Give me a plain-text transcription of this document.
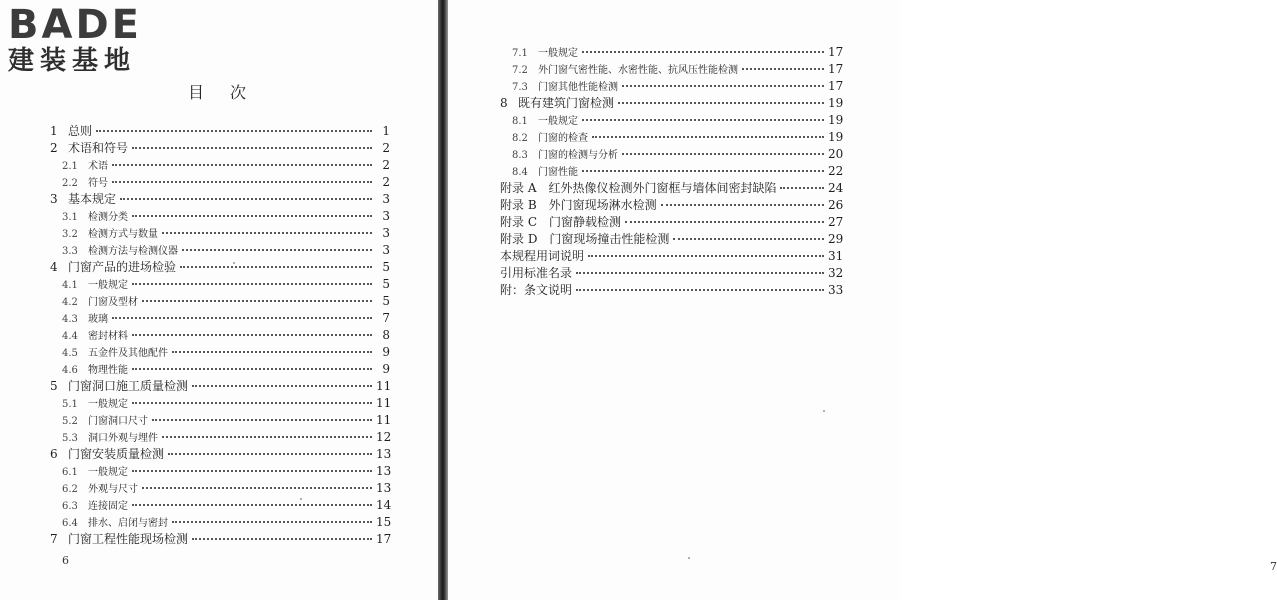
BADE
建装基地
目次
1 总则	1
2 术语和符号	2
2.1	术语	2
2.2	符号	2
3 基本规定	3
3.1	检测分类	3
3.2	检测方式与数量	3
3.3	检测方法与检测仪器	3
4 门窗产品的进场检验	5
4.1	一般规定	5
4.2	门窗及型材	5
4.3	玻璃	7
4.4	密封材料	8
4.5	五金件及其他配件	9
4.6	物理性能	9
5 门窗洞口施工质量检测	11
5.1	一般规定	11
5.2	门窗洞口尺寸	11
5.3	洞口外观与埋件	12
6 门窗安装质量检测	13
6.1	一般规定	13
6.2	外观与尺寸	13
6.3	连接固定	14
6.4	排水、启闭与密封	15
7 门窗工程性能现场检测	17
6	7
7.1	一般规定	17
7.2	外门窗气密性能、水密性能、抗风压性能检测	17
7.3	门窗其他性能检测	17
8 既有建筑门窗检测	19
8.1	一般规定	19
8.2	门窗的检查	19
8.3	门窗的检测与分析	20
8.4	门窗性能	22
附录 A　红外热像仪检测外门窗框与墙体间密封缺陷	24
附录 B　外门窗现场淋水检测	26
附录 C　门窗静载检测	27
附录 D　门窗现场撞击性能检测	29
本规程用词说明	31
引用标准名录	32
附：条文说明	33
